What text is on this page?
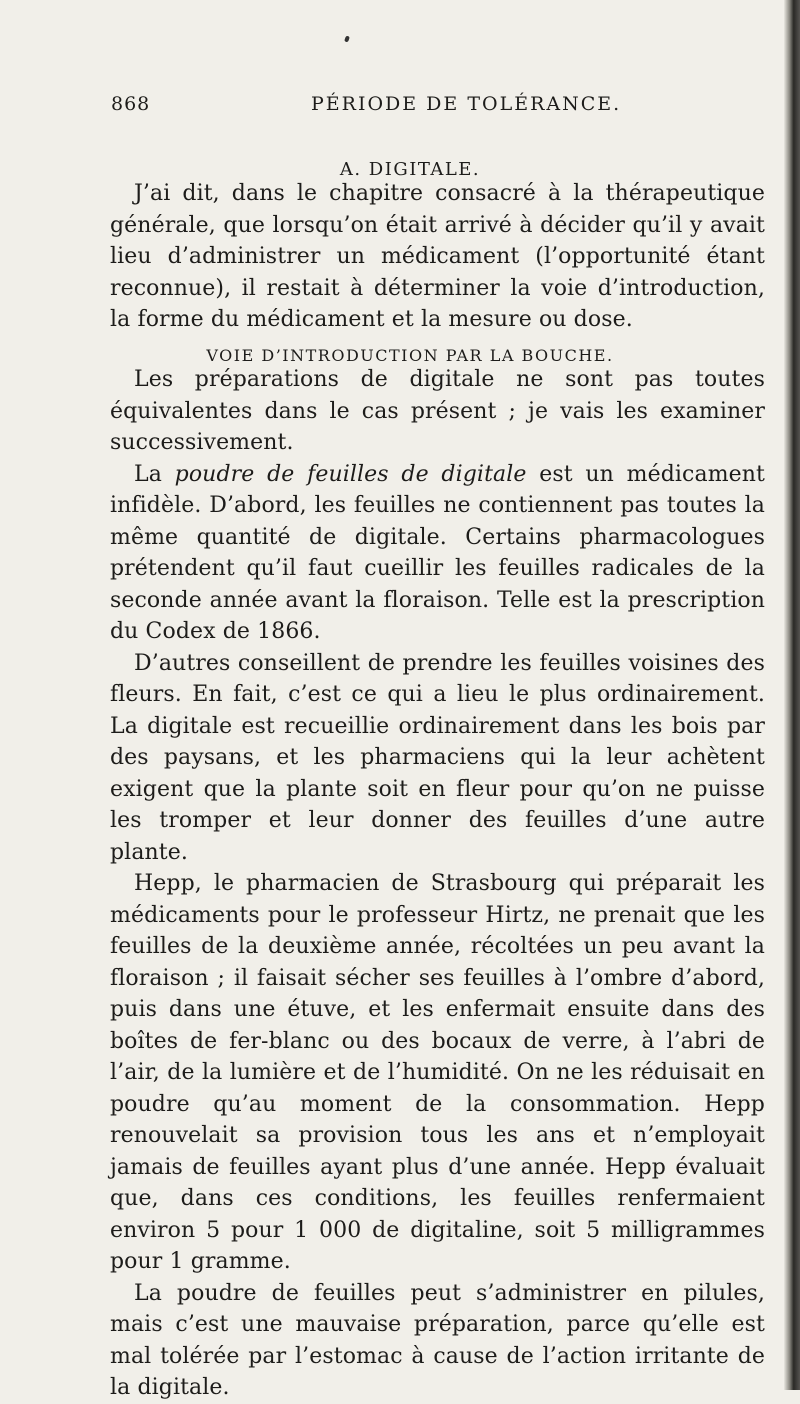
868	PÉRIODE DE TOLÉRANCE.
A. DIGITALE.

J’ai dit, dans le chapitre consacré à la thérapeutique générale, que lorsqu’on était arrivé à décider qu’il y avait lieu d’administrer un médicament (l’opportunité étant reconnue), il restait à déterminer la voie d’introduction, la forme du médicament et la mesure ou dose.

VOIE D’INTRODUCTION PAR LA BOUCHE.

Les préparations de digitale ne sont pas toutes équivalentes dans le cas présent ; je vais les examiner successivement.

La poudre de feuilles de digitale est un médicament infidèle. D’abord, les feuilles ne contiennent pas toutes la même quantité de digitale. Certains pharmacologues prétendent qu’il faut cueillir les feuilles radicales de la seconde année avant la floraison. Telle est la prescription du Codex de 1866.

D’autres conseillent de prendre les feuilles voisines des fleurs. En fait, c’est ce qui a lieu le plus ordinairement. La digitale est recueillie ordinairement dans les bois par des paysans, et les pharmaciens qui la leur achètent exigent que la plante soit en fleur pour qu’on ne puisse les tromper et leur donner des feuilles d’une autre plante.

Hepp, le pharmacien de Strasbourg qui préparait les médicaments pour le professeur Hirtz, ne prenait que les feuilles de la deuxième année, récoltées un peu avant la floraison ; il faisait sécher ses feuilles à l’ombre d’abord, puis dans une étuve, et les enfermait ensuite dans des boîtes de fer-blanc ou des bocaux de verre, à l’abri de l’air, de la lumière et de l’humidité. On ne les réduisait en poudre qu’au moment de la consommation. Hepp renouvelait sa provision tous les ans et n’employait jamais de feuilles ayant plus d’une année. Hepp évaluait que, dans ces conditions, les feuilles renfermaient environ 5 pour 1 000 de digitaline, soit 5 milligrammes pour 1 gramme.

La poudre de feuilles peut s’administrer en pilules, mais c’est une mauvaise préparation, parce qu’elle est mal tolérée par l’estomac à cause de l’action irritante de la digitale.
